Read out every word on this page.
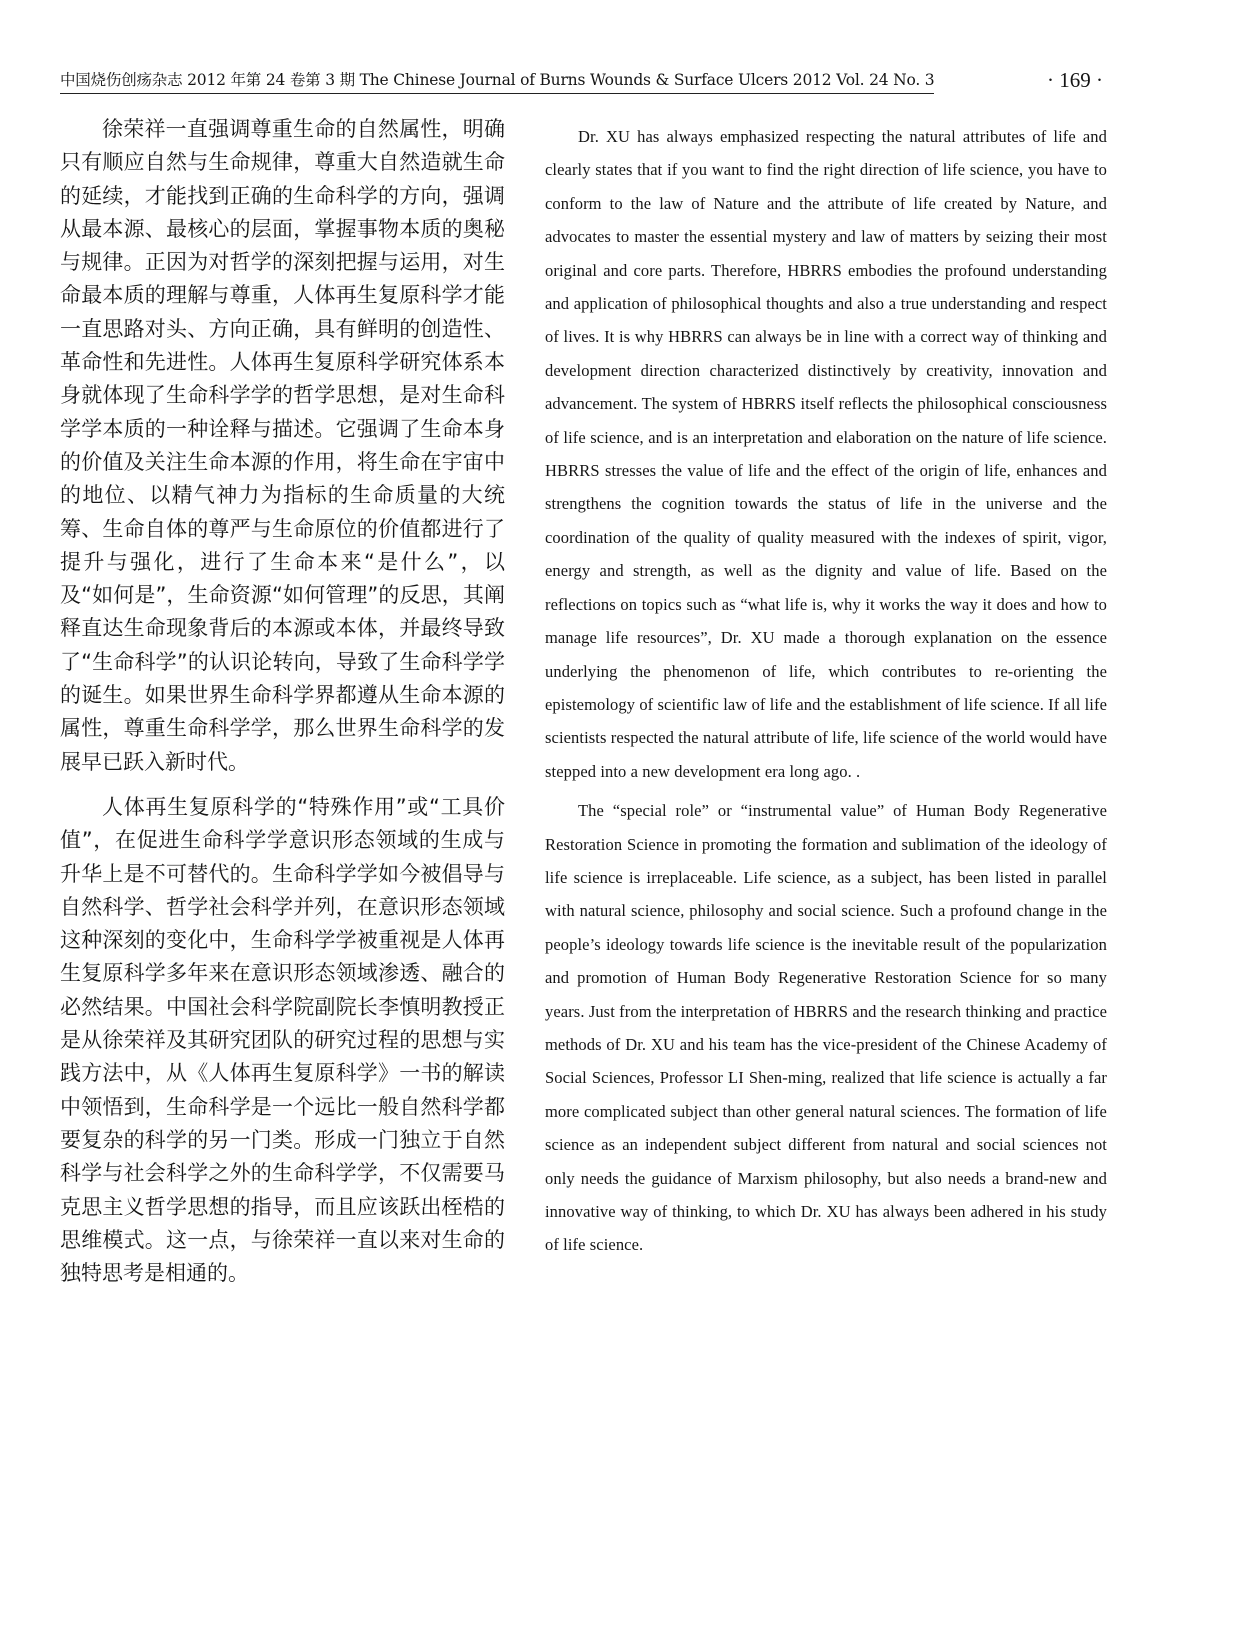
中国烧伤创疡杂志 2012 年第 24 卷第 3 期 The Chinese Journal of Burns Wounds & Surface Ulcers 2012 Vol. 24 No. 3	· 169 ·

徐荣祥一直强调尊重生命的自然属性，明确只有顺应自然与生命规律，尊重大自然造就生命的延续，才能找到正确的生命科学的方向，强调从最本源、最核心的层面，掌握事物本质的奥秘与规律。正因为对哲学的深刻把握与运用，对生命最本质的理解与尊重，人体再生复原科学才能一直思路对头、方向正确，具有鲜明的创造性、革命性和先进性。人体再生复原科学研究体系本身就体现了生命科学学的哲学思想，是对生命科学学本质的一种诠释与描述。它强调了生命本身的价值及关注生命本源的作用，将生命在宇宙中的地位、以精气神力为指标的生命质量的大统筹、生命自体的尊严与生命原位的价值都进行了提升与强化，进行了生命本来“是什么”，以及“如何是”，生命资源“如何管理”的反思，其阐释直达生命现象背后的本源或本体，并最终导致了“生命科学”的认识论转向，导致了生命科学学的诞生。如果世界生命科学界都遵从生命本源的属性，尊重生命科学学，那么世界生命科学的发展早已跃入新时代。

人体再生复原科学的“特殊作用”或“工具价值”，在促进生命科学学意识形态领域的生成与升华上是不可替代的。生命科学学如今被倡导与自然科学、哲学社会科学并列，在意识形态领域这种深刻的变化中，生命科学学被重视是人体再生复原科学多年来在意识形态领域渗透、融合的必然结果。中国社会科学院副院长李慎明教授正是从徐荣祥及其研究团队的研究过程的思想与实践方法中，从《人体再生复原科学》一书的解读中领悟到，生命科学是一个远比一般自然科学都要复杂的科学的另一门类。形成一门独立于自然科学与社会科学之外的生命科学学，不仅需要马克思主义哲学思想的指导，而且应该跃出桎梏的思维模式。这一点，与徐荣祥一直以来对生命的独特思考是相通的。

Dr. XU has always emphasized respecting the natural attributes of life and clearly states that if you want to find the right direction of life science, you have to conform to the law of Nature and the attribute of life created by Nature, and advocates to master the essential mystery and law of matters by seizing their most original and core parts. Therefore, HBRRS embodies the profound understanding and application of philosophical thoughts and also a true understanding and respect of lives. It is why HBRRS can always be in line with a correct way of thinking and development direction characterized distinctively by creativity, innovation and advancement. The system of HBRRS itself reflects the philosophical consciousness of life science, and is an interpretation and elaboration on the nature of life science. HBRRS stresses the value of life and the effect of the origin of life, enhances and strengthens the cognition towards the status of life in the universe and the coordination of the quality of quality measured with the indexes of spirit, vigor, energy and strength, as well as the dignity and value of life. Based on the reflections on topics such as “what life is, why it works the way it does and how to manage life resources”, Dr. XU made a thorough explanation on the essence underlying the phenomenon of life, which contributes to re-orienting the epistemology of scientific law of life and the establishment of life science. If all life scientists respected the natural attribute of life, life science of the world would have stepped into a new development era long ago. .

The “special role” or “instrumental value” of Human Body Regenerative Restoration Science in promoting the formation and sublimation of the ideology of life science is irreplaceable. Life science, as a subject, has been listed in parallel with natural science, philosophy and social science. Such a profound change in the people’s ideology towards life science is the inevitable result of the popularization and promotion of Human Body Regenerative Restoration Science for so many years. Just from the interpretation of HBRRS and the research thinking and practice methods of Dr. XU and his team has the vice-president of the Chinese Academy of Social Sciences, Professor LI Shen-ming, realized that life science is actually a far more complicated subject than other general natural sciences. The formation of life science as an independent subject different from natural and social sciences not only needs the guidance of Marxism philosophy, but also needs a brand-new and innovative way of thinking, to which Dr. XU has always been adhered in his study of life science.
